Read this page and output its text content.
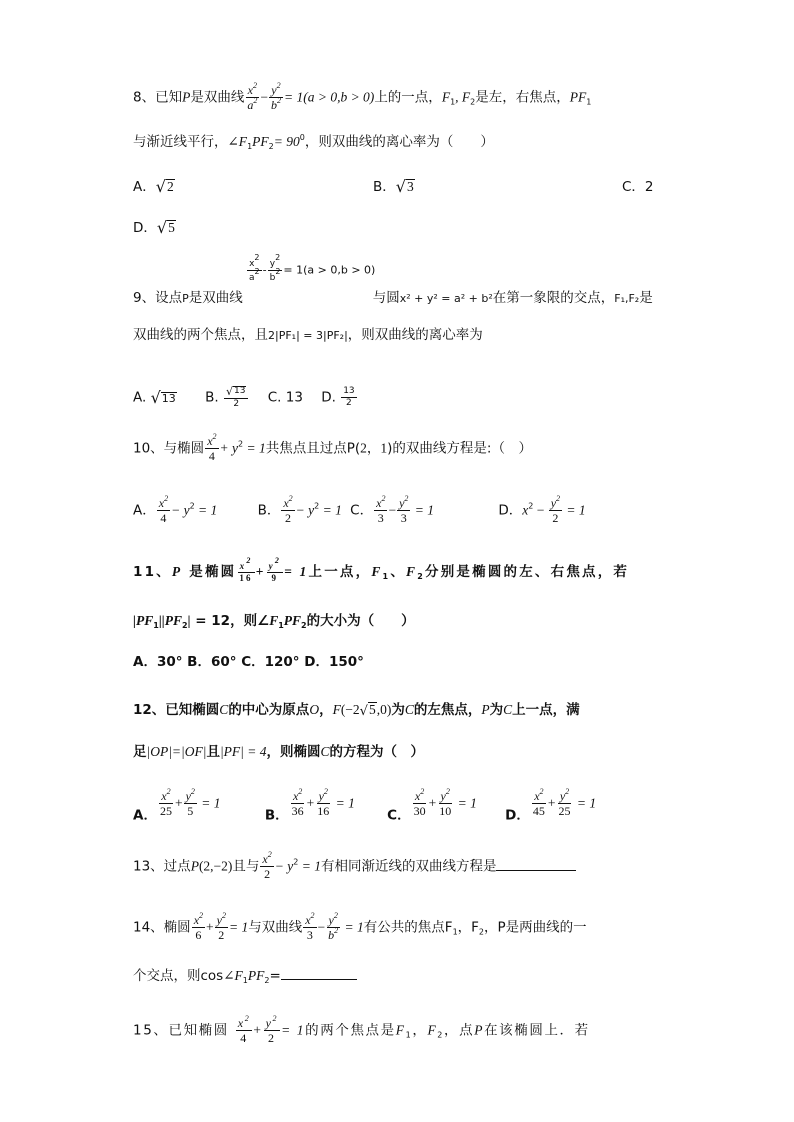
8、已知P是双曲线 $\frac{x^2}{a^2} - \frac{y^2}{b^2} = 1(a > 0,b > 0)$上的一点，$F_1$, $F_2$是左，右焦点，$PF_1$
与渐近线平行，$\angle F_1PF_2= 90^0$，则双曲线的离心率为（　　）
A． √ 2	B． √ 3	C．2
D． √ 5
$\frac{x^2}{a^2} - \frac{y^2}{b^2} = 1(a > 0,b > 0)$
9、设点P是双曲线	与圆x² + y² = a² + b²在第一象限的交点，F₁,F₂是
双曲线的两个焦点，且2|PF₁| = 3|PF₂|，则双曲线的离心率为
A. √ 13 B. $\frac{√ 13}{2} C$. 13 D. $\frac{13}{2}$
10、与椭圆 $\frac{x^2}{4} + y^2 = 1$共焦点且过点P(2，1)的双曲线方程是:（　）
A． $\frac{x^2}{4} - y^2 = 1$	B． $\frac{x^2}{2} - y^2 = 1$ C． $\frac{x^2}{3} - \frac{y^2}{3} = 1$	D．$x^2 - \frac{y^2}{2} = 1$
11、P 是椭圆 $\frac{x^2}{16} + \frac{y^2}{9} = 1$上一点，$F_1$、$F_2$分别是椭圆的左、右焦点，若
$|PF_1||PF_2| = 12$，则$\angle F_1PF_2$的大小为（　　）
A．30° B．60° C．120° D．150°
12、已知椭圆C的中心为原点O，F(−2 √ 5 ,0)为C的左焦点，P为C上一点，满
足|OP|=|OF|且|PF| = 4，则椭圆C的方程为（　）
A． $\frac{x^2}{25} + \frac{y^2}{5} = 1$ B． $\frac{x^2}{36} + \frac{y^2}{16} = 1$ C． $\frac{x^2}{30} + \frac{y^2}{10} = 1$ D． $\frac{x^2}{45} + \frac{y^2}{25} = 1$
13、过点P(2,−2)且与 $\frac{x^2}{2} - y^2 = 1$有相同渐近线的双曲线方程是
14、椭圆 $\frac{x^2}{6} + \frac{y^2}{2} = 1$与双曲线 $\frac{x^2}{3} - \frac{y^2}{b^2} = 1$有公共的焦点$F_1$，$F_2$，P是两曲线的一
个交点，则$\cos\angle F_1PF_2=$
15、已知椭圆 $\frac{x^2}{4} + \frac{y^2}{2} = 1$的两个焦点是$F_1$，$F_2$，点P在该椭圆上．若
